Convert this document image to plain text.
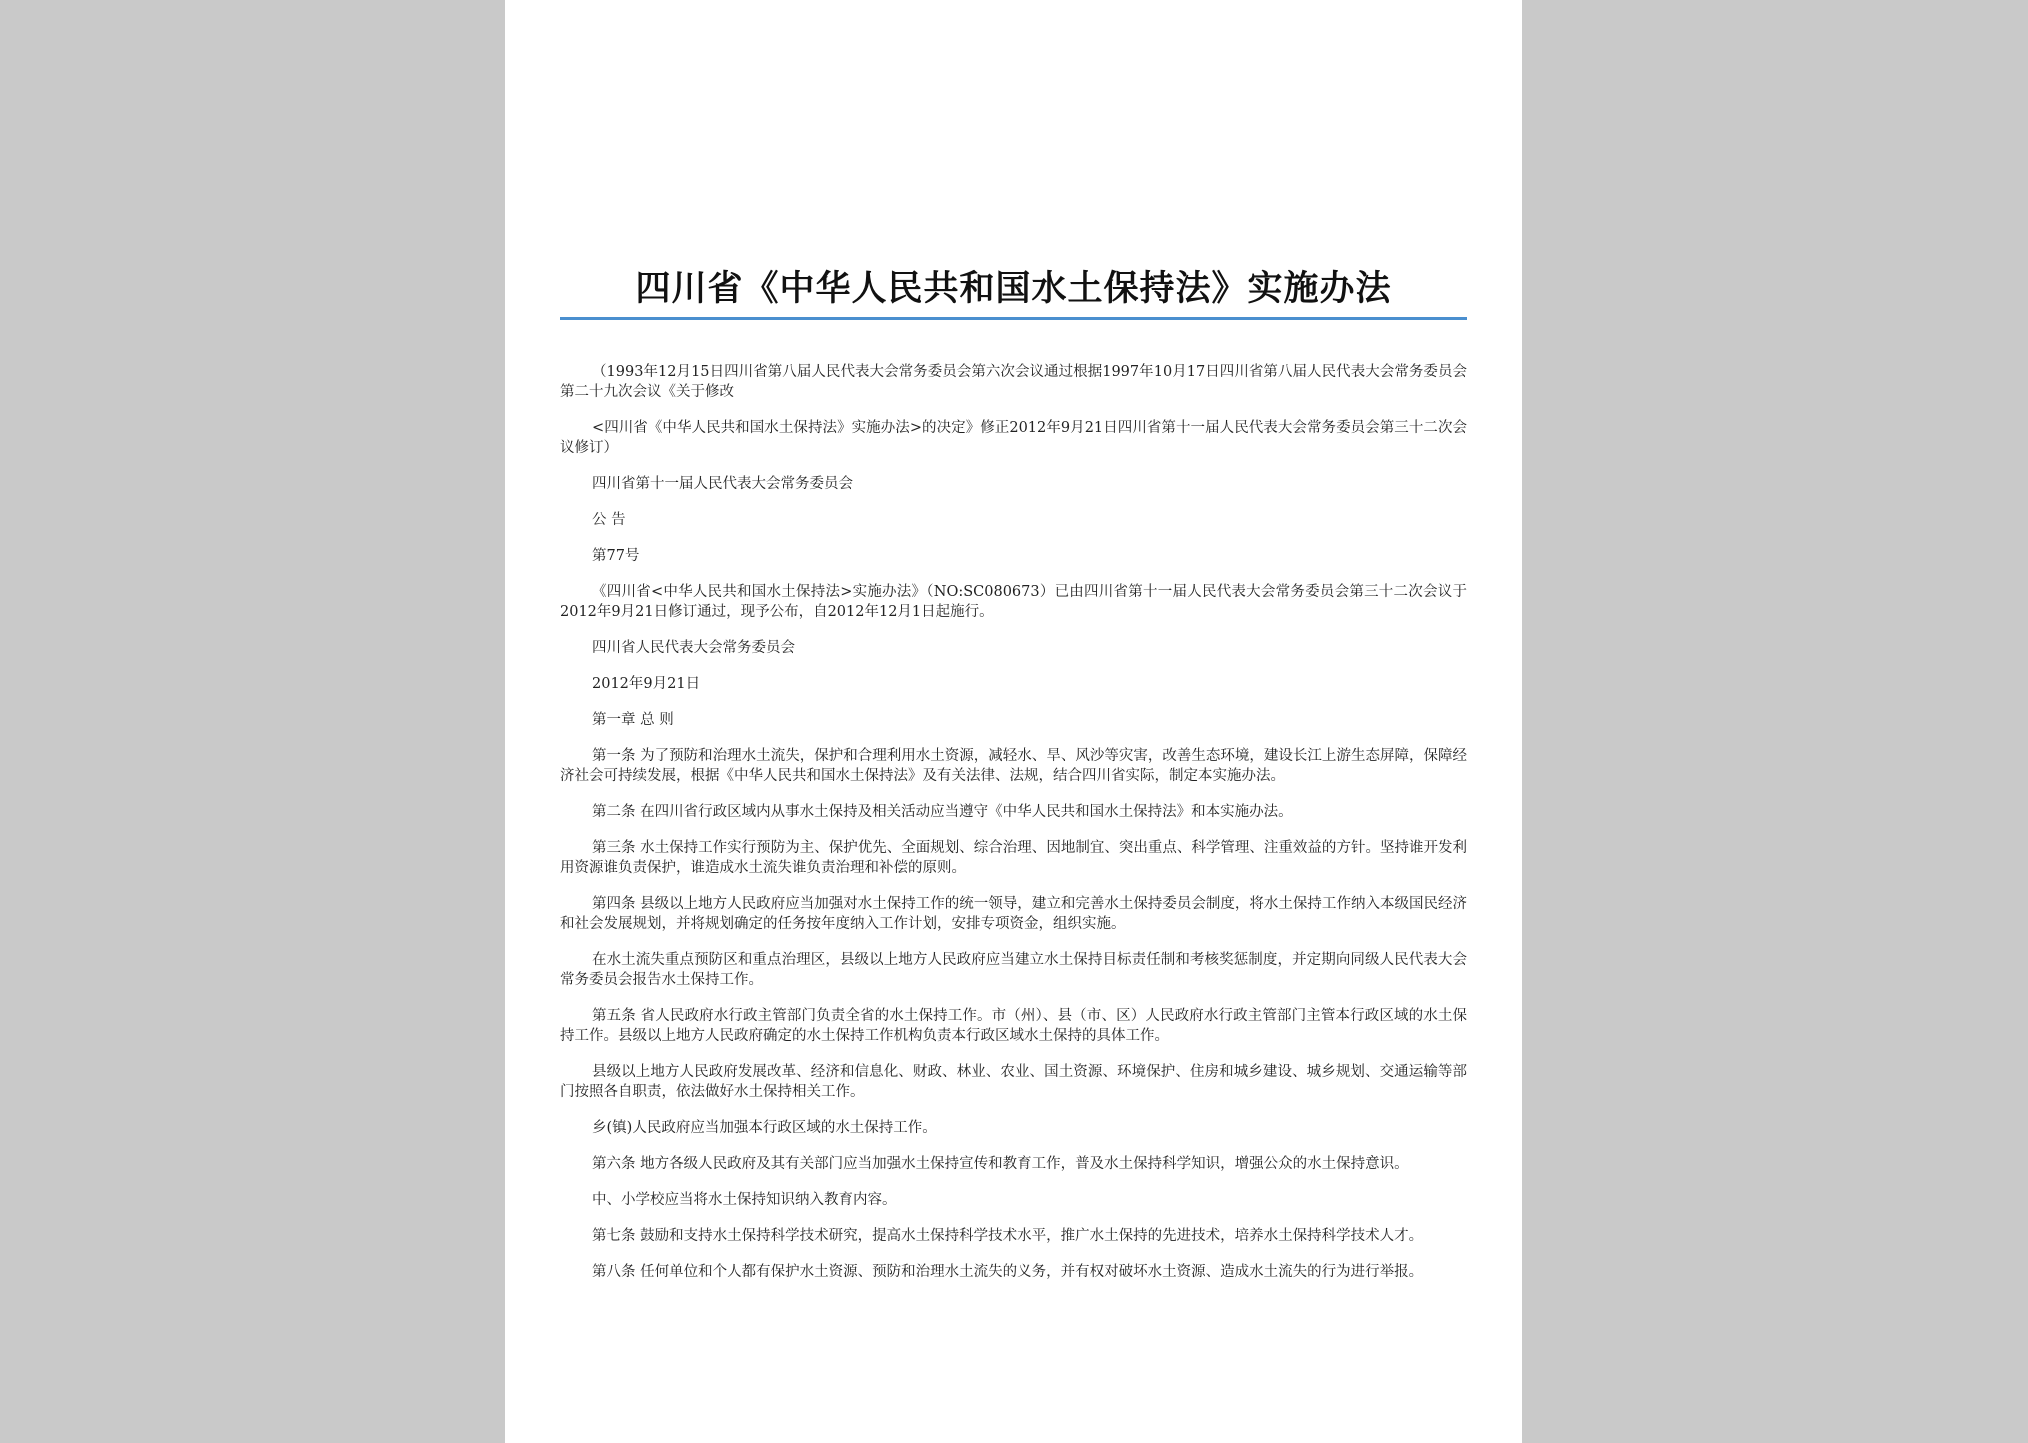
四川省《中华人民共和国水土保持法》实施办法

（1993年12月15日四川省第八届人民代表大会常务委员会第六次会议通过根据1997年10月17日四川省第八届人民代表大会常务委员会第二十九次会议《关于修改

<四川省《中华人民共和国水土保持法》实施办法>的决定》修正2012年9月21日四川省第十一届人民代表大会常务委员会第三十二次会议修订）

四川省第十一届人民代表大会常务委员会

公 告

第77号

《四川省<中华人民共和国水土保持法>实施办法》（NO:SC080673）已由四川省第十一届人民代表大会常务委员会第三十二次会议于2012年9月21日修订通过，现予公布，自2012年12月1日起施行。

四川省人民代表大会常务委员会

2012年9月21日

第一章 总 则

第一条 为了预防和治理水土流失，保护和合理利用水土资源，减轻水、旱、风沙等灾害，改善生态环境，建设长江上游生态屏障，保障经济社会可持续发展，根据《中华人民共和国水土保持法》及有关法律、法规，结合四川省实际，制定本实施办法。

第二条 在四川省行政区域内从事水土保持及相关活动应当遵守《中华人民共和国水土保持法》和本实施办法。

第三条 水土保持工作实行预防为主、保护优先、全面规划、综合治理、因地制宜、突出重点、科学管理、注重效益的方针。坚持谁开发利用资源谁负责保护，谁造成水土流失谁负责治理和补偿的原则。

第四条 县级以上地方人民政府应当加强对水土保持工作的统一领导，建立和完善水土保持委员会制度，将水土保持工作纳入本级国民经济和社会发展规划，并将规划确定的任务按年度纳入工作计划，安排专项资金，组织实施。

在水土流失重点预防区和重点治理区，县级以上地方人民政府应当建立水土保持目标责任制和考核奖惩制度，并定期向同级人民代表大会常务委员会报告水土保持工作。

第五条 省人民政府水行政主管部门负责全省的水土保持工作。市（州）、县（市、区）人民政府水行政主管部门主管本行政区域的水土保持工作。县级以上地方人民政府确定的水土保持工作机构负责本行政区域水土保持的具体工作。

县级以上地方人民政府发展改革、经济和信息化、财政、林业、农业、国土资源、环境保护、住房和城乡建设、城乡规划、交通运输等部门按照各自职责，依法做好水土保持相关工作。

乡(镇)人民政府应当加强本行政区域的水土保持工作。

第六条 地方各级人民政府及其有关部门应当加强水土保持宣传和教育工作，普及水土保持科学知识，增强公众的水土保持意识。

中、小学校应当将水土保持知识纳入教育内容。

第七条 鼓励和支持水土保持科学技术研究，提高水土保持科学技术水平，推广水土保持的先进技术，培养水土保持科学技术人才。

第八条 任何单位和个人都有保护水土资源、预防和治理水土流失的义务，并有权对破坏水土资源、造成水土流失的行为进行举报。
